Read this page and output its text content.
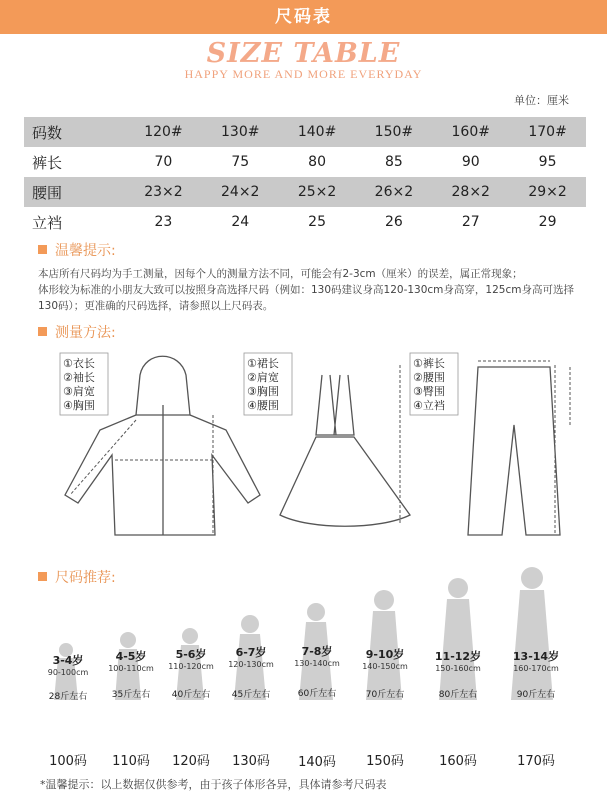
尺码表
SIZE TABLE
HAPPY MORE AND MORE EVERYDAY
单位：厘米
码数	120#	130#	140#	150#	160#	170#
裤长	70	75	80	85	90	95
腰围	23×2	24×2	25×2	26×2	28×2	29×2
立裆	23	24	25	26	27	29
温馨提示:
本店所有尺码均为手工测量，因每个人的测量方法不同，可能会有2-3cm（厘米）的误差，属正常现象；
体形较为标准的小朋友大致可以按照身高选择尺码（例如：130码建议身高120-130cm身高穿，125cm身高可选择130码）；更准确的尺码选择，请参照以上尺码表。
测量方法:
①衣长
②袖长
③肩宽
④胸围
①裙长
②肩宽
③胸围
④腰围
①裤长
②腰围
③臀围
④立裆
尺码推荐:
3-4岁
90-100cm
28斤左右
100码
4-5岁
100-110cm
35斤左右
110码
5-6岁
110-120cm
40斤左右
120码
6-7岁
120-130cm
45斤左右
130码
7-8岁
130-140cm
60斤左右
140码
9-10岁
140-150cm
70斤左右
150码
11-12岁
150-160cm
80斤左右
160码
13-14岁
160-170cm
90斤左右
170码
*温馨提示：以上数据仅供参考，由于孩子体形各异，具体请参考尺码表
